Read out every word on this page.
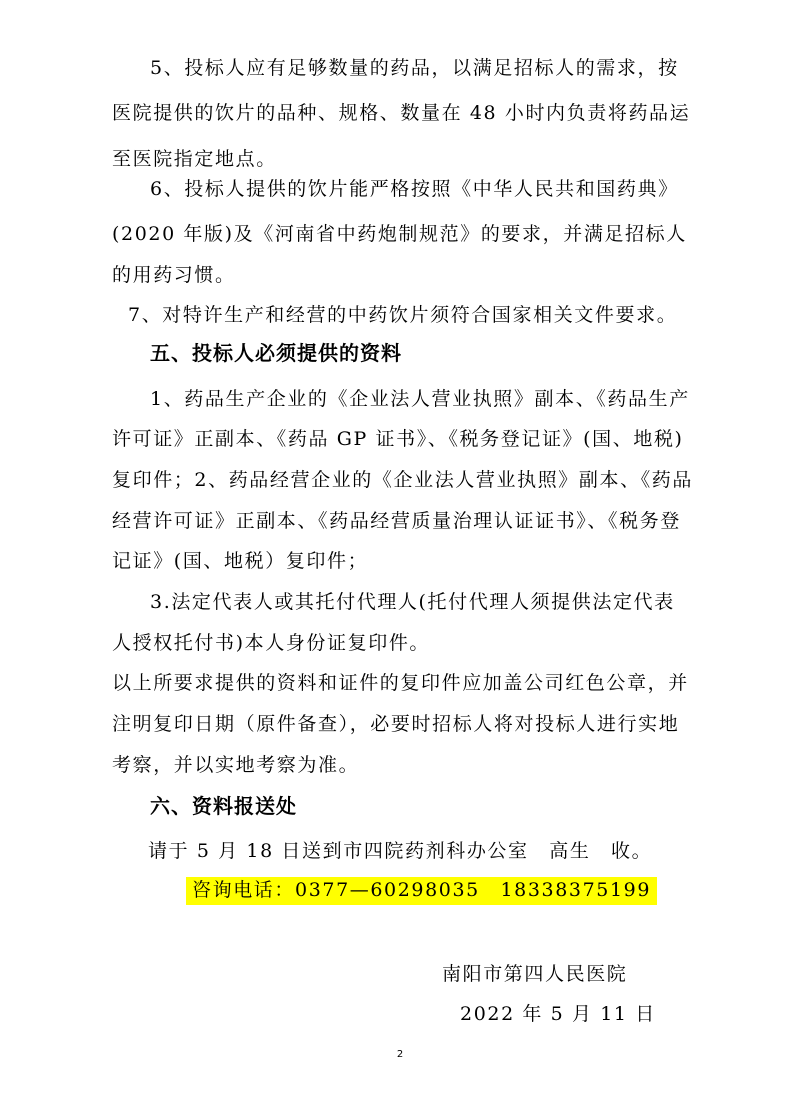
5、投标人应有足够数量的药品，以满足招标人的需求，按
医院提供的饮片的品种、规格、数量在 48 小时内负责将药品运
至医院指定地点。
6、投标人提供的饮片能严格按照《中华人民共和国药典》
(2020 年版)及《河南省中药炮制规范》的要求，并满足招标人
的用药习惯。
7、对特许生产和经营的中药饮片须符合国家相关文件要求。
五、投标人必须提供的资料
1、药品生产企业的《企业法人营业执照》副本、《药品生产
许可证》正副本、《药品 GP 证书》、《税务登记证》(国、地税)
复印件；2、药品经营企业的《企业法人营业执照》副本、《药品
经营许可证》正副本、《药品经营质量治理认证证书》、《税务登
记证》(国、地税）复印件；
3.法定代表人或其托付代理人(托付代理人须提供法定代表
人授权托付书)本人身份证复印件。
以上所要求提供的资料和证件的复印件应加盖公司红色公章，并
注明复印日期（原件备查），必要时招标人将对投标人进行实地
考察，并以实地考察为准。
六、资料报送处
请于 5 月 18 日送到市四院药剂科办公室　高生　收。
咨询电话：0377—60298035　18338375199
南阳市第四人民医院
2022 年 5 月 11 日
2
